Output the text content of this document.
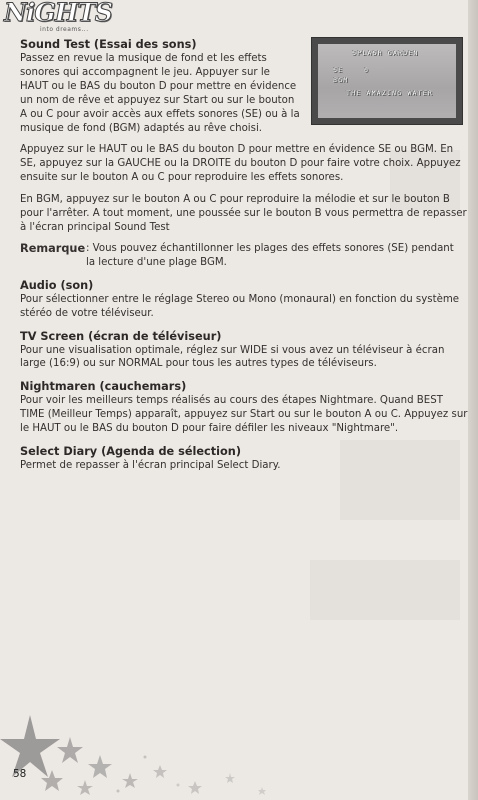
NiGHTS
into dreams...
SPLASH GARDEN
SE	0
BGM
THE AMAZING WATER
Sound Test (Essai des sons)

Passez en revue la musique de fond et les effets sonores qui accompagnent le jeu. Appuyer sur le HAUT ou le BAS du bouton D pour mettre en évidence un nom de rêve et appuyez sur Start ou sur le bouton A ou C pour avoir accès aux effets sonores (SE) ou à la musique de fond (BGM) adaptés au rêve choisi.

Appuyez sur le HAUT ou le BAS du bouton D pour mettre en évidence SE ou BGM. En SE, appuyez sur la GAUCHE ou la DROITE du bouton D pour faire votre choix. Appuyez ensuite sur le bouton A ou C pour reproduire les effets sonores.

En BGM, appuyez sur le bouton A ou C pour reproduire la mélodie et sur le bouton B pour l'arrêter. A tout moment, une poussée sur le bouton B vous permettra de repasser à l'écran principal Sound Test

Remarque : Vous pouvez échantillonner les plages des effets sonores (SE) pendant la lecture d'une plage BGM.
Audio (son)

Pour sélectionner entre le réglage Stereo ou Mono (monaural) en fonction du système stéréo de votre téléviseur.

TV Screen (écran de téléviseur)

Pour une visualisation optimale, réglez sur WIDE si vous avez un téléviseur à écran large (16:9) ou sur NORMAL pour tous les autres types de téléviseurs.

Nightmaren (cauchemars)

Pour voir les meilleurs temps réalisés au cours des étapes Nightmare. Quand BEST TIME (Meilleur Temps) apparaît, appuyez sur Start ou sur le bouton A ou C. Appuyez sur le HAUT ou le BAS du bouton D pour faire défiler les niveaux "Nightmare".

Select Diary (Agenda de sélection)

Permet de repasser à l'écran principal Select Diary.

58
